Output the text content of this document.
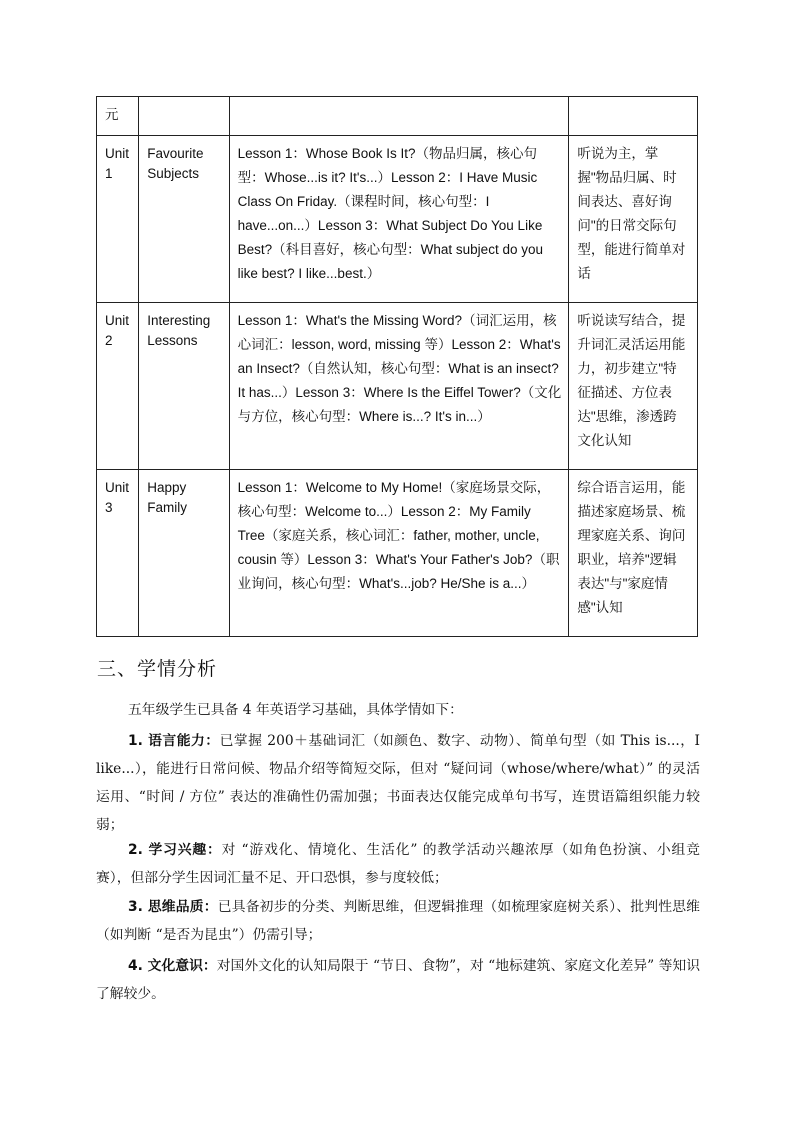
元			
Unit 1	Favourite Subjects	Lesson 1：Whose Book Is It?（物品归属，核心句型：Whose...is it? It's...）Lesson 2：I Have Music Class On Friday.（课程时间，核心句型：I have...on...）Lesson 3：What Subject Do You Like Best?（科目喜好，核心句型：What subject do you like best? I like...best.）	听说为主，掌握"物品归属、时间表达、喜好询问"的日常交际句型，能进行简单对话
Unit 2	Interesting Lessons	Lesson 1：What's the Missing Word?（词汇运用，核心词汇：lesson, word, missing 等）Lesson 2：What's an Insect?（自然认知，核心句型：What is an insect? It has...）Lesson 3：Where Is the Eiffel Tower?（文化与方位，核心句型：Where is...? It's in...）	听说读写结合，提升词汇灵活运用能力，初步建立"特征描述、方位表达"思维，渗透跨文化认知
Unit 3	Happy Family	Lesson 1：Welcome to My Home!（家庭场景交际，核心句型：Welcome to...）Lesson 2：My Family Tree（家庭关系，核心词汇：father, mother, uncle, cousin 等）Lesson 3：What's Your Father's Job?（职业询问，核心句型：What's...job? He/She is a...）	综合语言运用，能描述家庭场景、梳理家庭关系、询问职业，培养"逻辑表达"与"家庭情感"认知
三、学情分析
五年级学生已具备 4 年英语学习基础，具体学情如下：
1. 语言能力：已掌握 200＋基础词汇（如颜色、数字、动物）、简单句型（如 This is...，I like...），能进行日常问候、物品介绍等简短交际，但对 “疑问词（whose/where/what）” 的灵活运用、“时间 / 方位” 表达的准确性仍需加强；书面表达仅能完成单句书写，连贯语篇组织能力较弱；
2. 学习兴趣：对 “游戏化、情境化、生活化” 的教学活动兴趣浓厚（如角色扮演、小组竞赛），但部分学生因词汇量不足、开口恐惧，参与度较低；
3. 思维品质：已具备初步的分类、判断思维，但逻辑推理（如梳理家庭树关系）、批判性思维（如判断 “是否为昆虫”）仍需引导；
4. 文化意识：对国外文化的认知局限于 “节日、食物”，对 “地标建筑、家庭文化差异” 等知识了解较少。
